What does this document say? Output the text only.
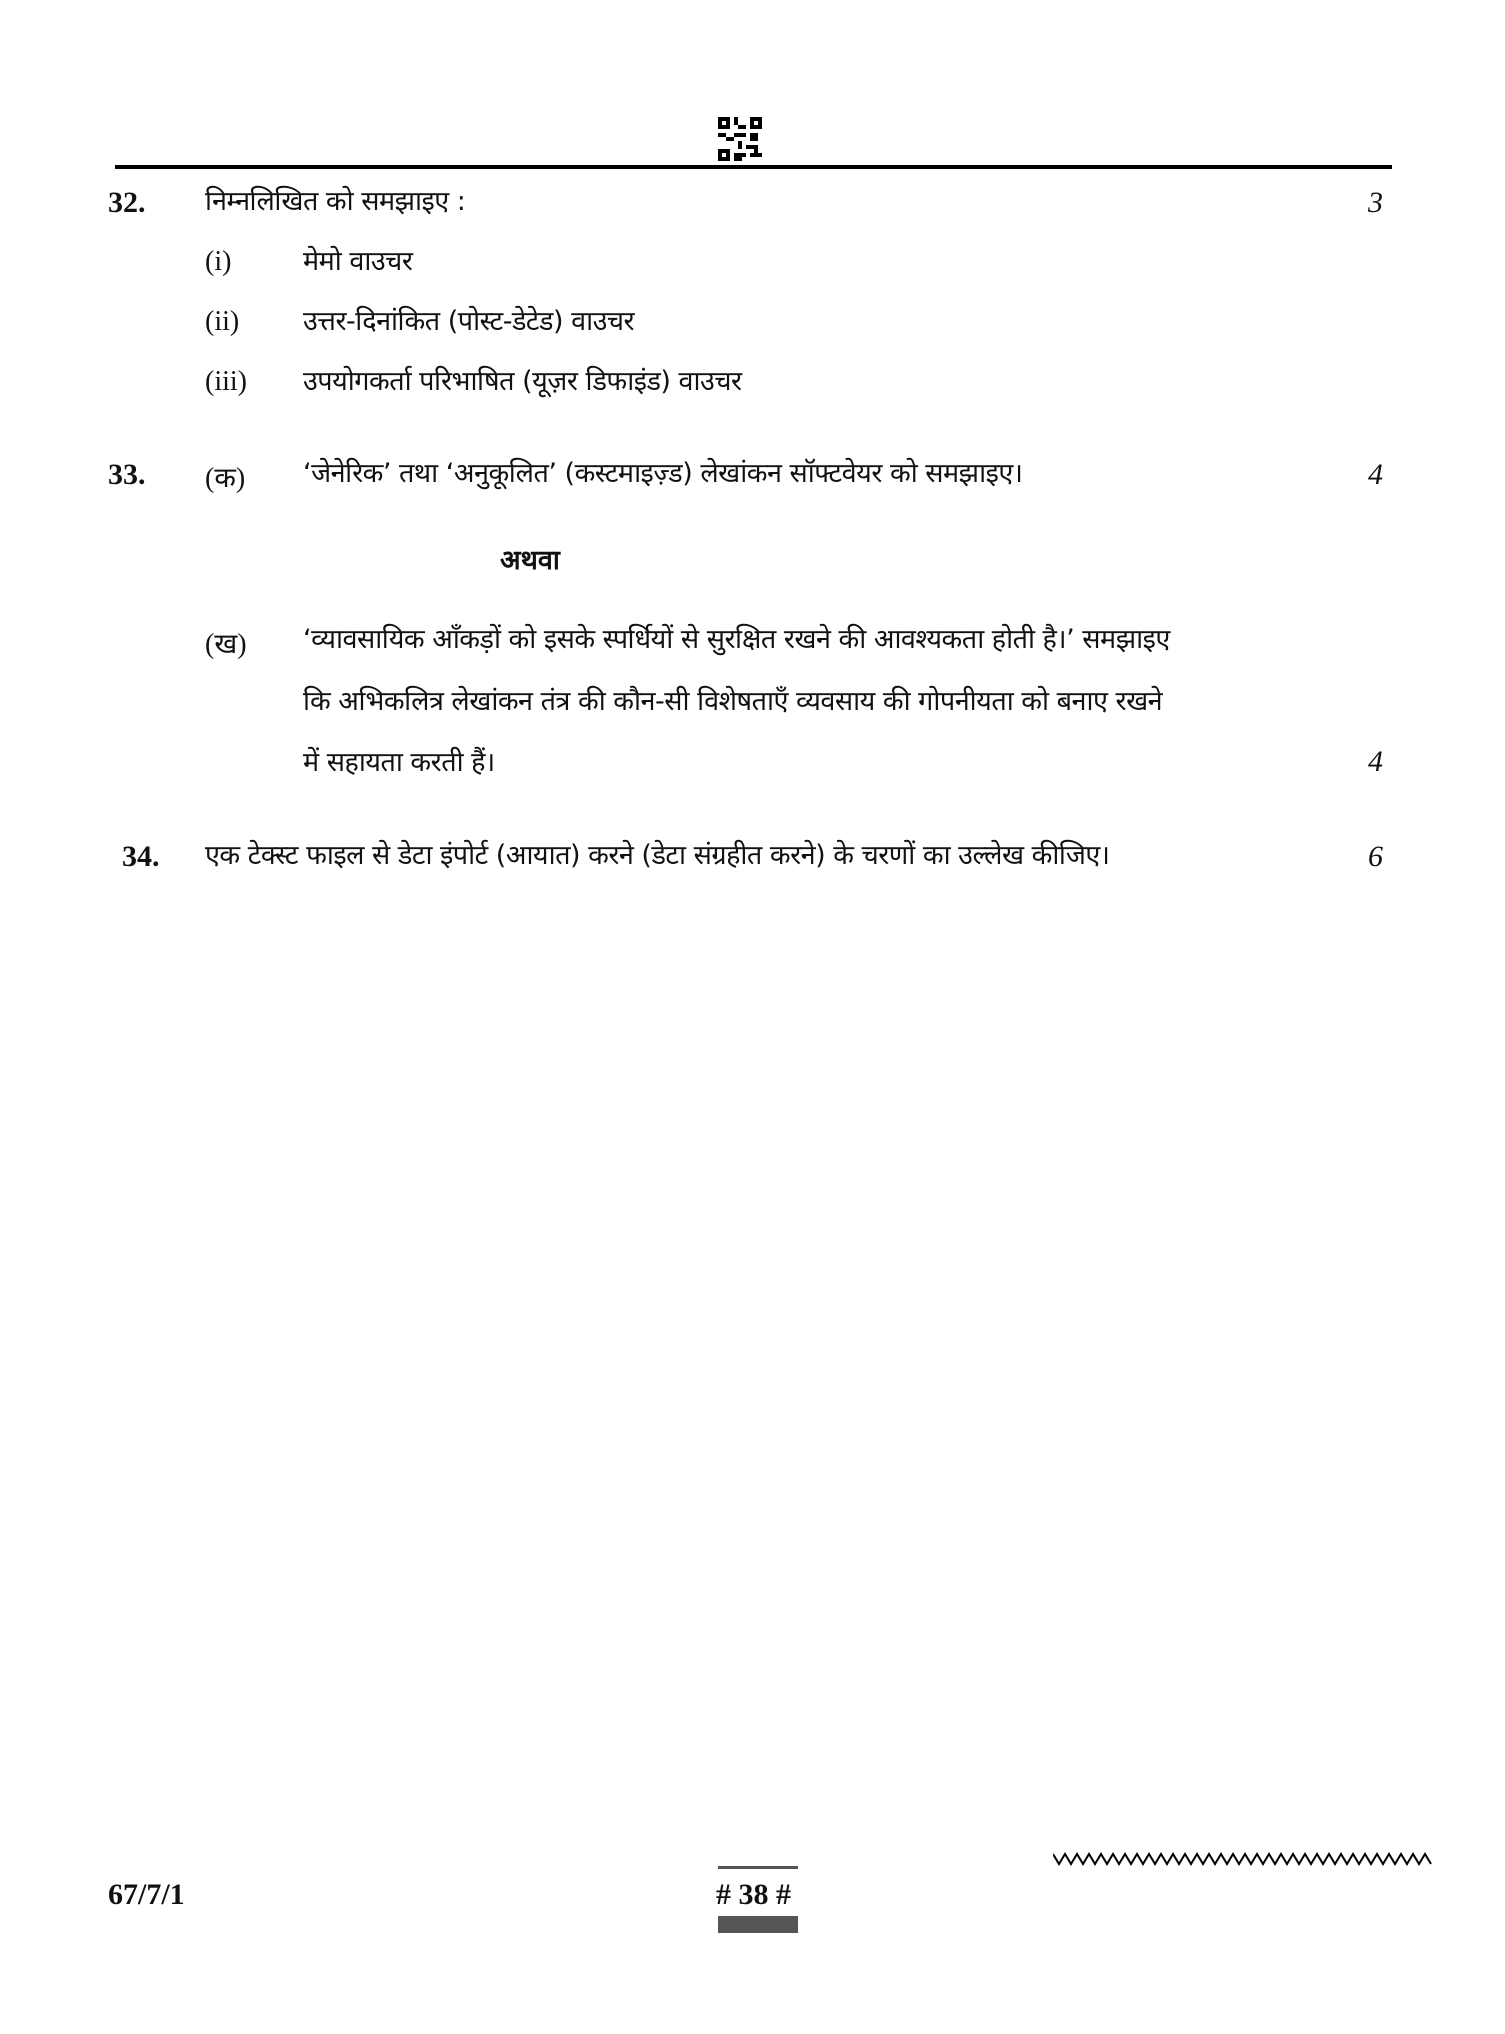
32. निम्नलिखित को समझाइए :	3
(i)	मेमो वाउचर
(ii) उत्तर-दिनांकित (पोस्ट-डेटेड) वाउचर
(iii) उपयोगकर्ता परिभाषित (यूज़र डिफाइंड) वाउचर
33. (क) ‘जेनेरिक’ तथा ‘अनुकूलित’ (कस्टमाइज़्ड) लेखांकन सॉफ्टवेयर को समझाइए।	4
अथवा
(ख) ‘व्यावसायिक आँकड़ों को इसके स्पर्धियों से सुरक्षित रखने की आवश्यकता होती है।’ समझाइए
कि अभिकलित्र लेखांकन तंत्र की कौन-सी विशेषताएँ व्यवसाय की गोपनीयता को बनाए रखने
में सहायता करती हैं।	4
34. एक टेक्स्ट फाइल से डेटा इंपोर्ट (आयात) करने (डेटा संग्रहीत करने) के चरणों का उल्लेख कीजिए।	6
67/7/1	# 38 #
